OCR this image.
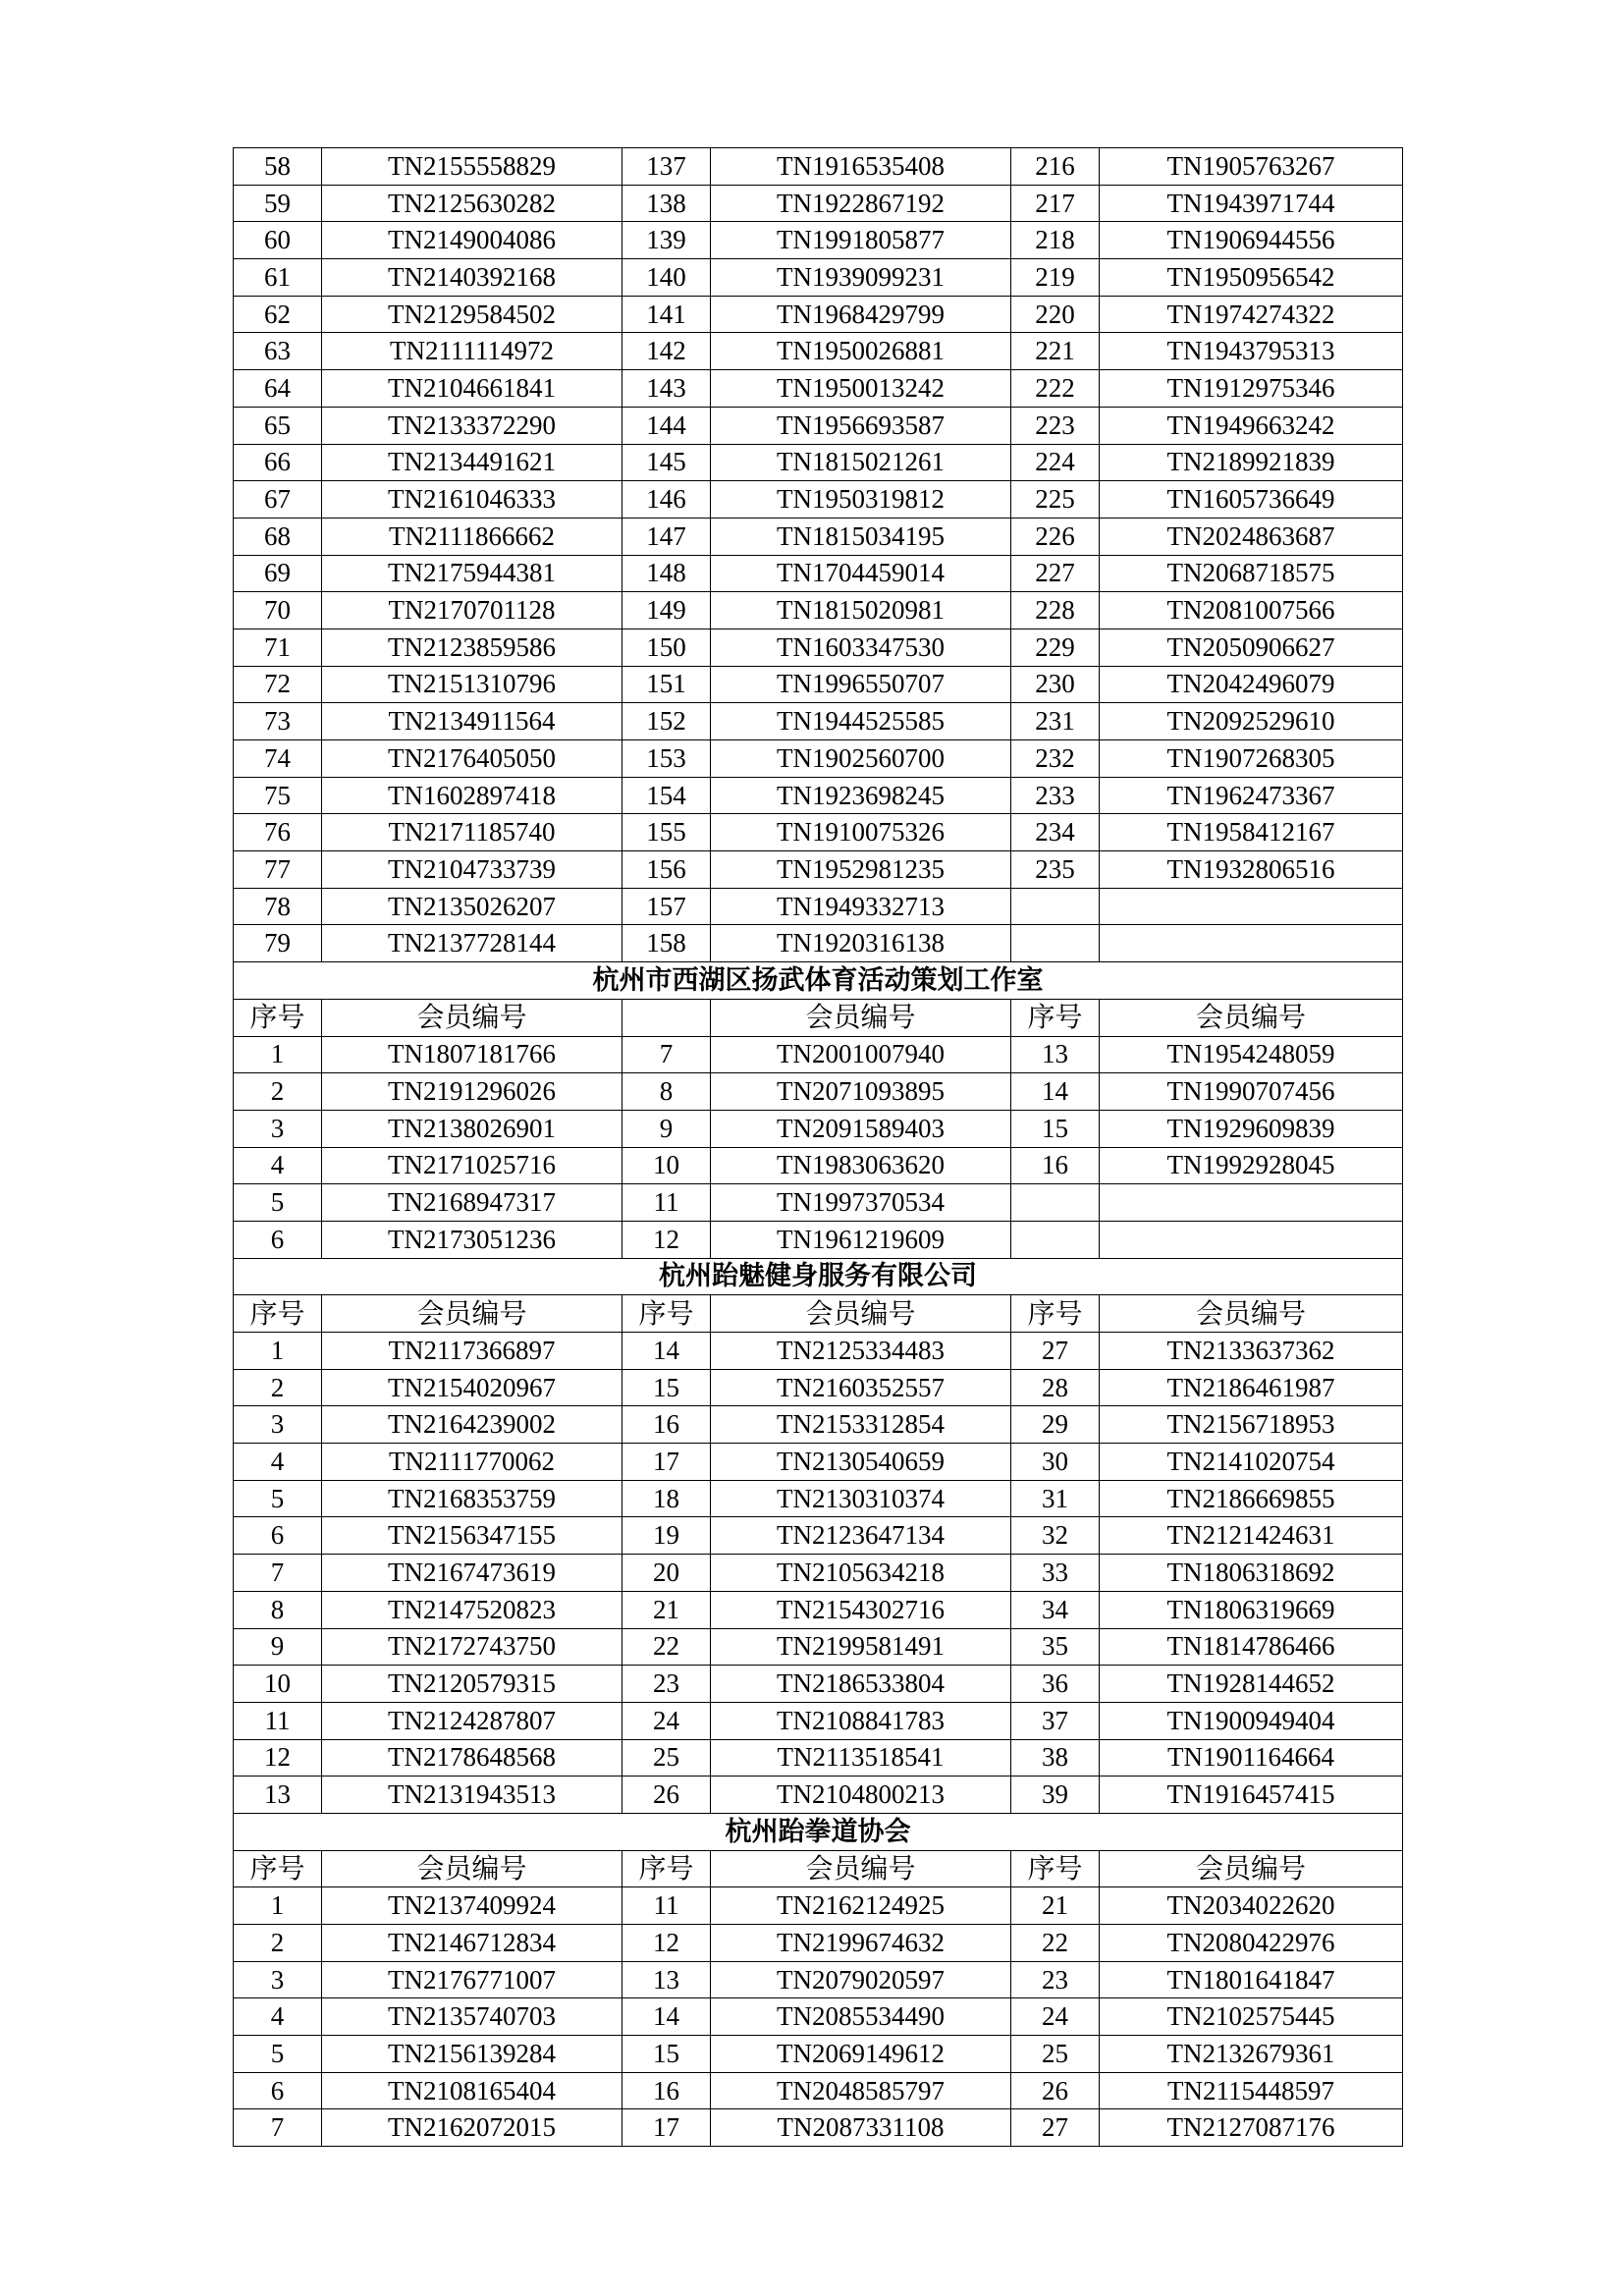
58	TN2155558829	137	TN1916535408	216	TN1905763267
59	TN2125630282	138	TN1922867192	217	TN1943971744
60	TN2149004086	139	TN1991805877	218	TN1906944556
61	TN2140392168	140	TN1939099231	219	TN1950956542
62	TN2129584502	141	TN1968429799	220	TN1974274322
63	TN2111114972	142	TN1950026881	221	TN1943795313
64	TN2104661841	143	TN1950013242	222	TN1912975346
65	TN2133372290	144	TN1956693587	223	TN1949663242
66	TN2134491621	145	TN1815021261	224	TN2189921839
67	TN2161046333	146	TN1950319812	225	TN1605736649
68	TN2111866662	147	TN1815034195	226	TN2024863687
69	TN2175944381	148	TN1704459014	227	TN2068718575
70	TN2170701128	149	TN1815020981	228	TN2081007566
71	TN2123859586	150	TN1603347530	229	TN2050906627
72	TN2151310796	151	TN1996550707	230	TN2042496079
73	TN2134911564	152	TN1944525585	231	TN2092529610
74	TN2176405050	153	TN1902560700	232	TN1907268305
75	TN1602897418	154	TN1923698245	233	TN1962473367
76	TN2171185740	155	TN1910075326	234	TN1958412167
77	TN2104733739	156	TN1952981235	235	TN1932806516
78	TN2135026207	157	TN1949332713		
79	TN2137728144	158	TN1920316138		
杭州市西湖区扬武体育活动策划工作室					
序号	会员编号		会员编号	序号	会员编号
1	TN1807181766	7	TN2001007940	13	TN1954248059
2	TN2191296026	8	TN2071093895	14	TN1990707456
3	TN2138026901	9	TN2091589403	15	TN1929609839
4	TN2171025716	10	TN1983063620	16	TN1992928045
5	TN2168947317	11	TN1997370534		
6	TN2173051236	12	TN1961219609		
杭州跆魅健身服务有限公司					
序号	会员编号	序号	会员编号	序号	会员编号
1	TN2117366897	14	TN2125334483	27	TN2133637362
2	TN2154020967	15	TN2160352557	28	TN2186461987
3	TN2164239002	16	TN2153312854	29	TN2156718953
4	TN2111770062	17	TN2130540659	30	TN2141020754
5	TN2168353759	18	TN2130310374	31	TN2186669855
6	TN2156347155	19	TN2123647134	32	TN2121424631
7	TN2167473619	20	TN2105634218	33	TN1806318692
8	TN2147520823	21	TN2154302716	34	TN1806319669
9	TN2172743750	22	TN2199581491	35	TN1814786466
10	TN2120579315	23	TN2186533804	36	TN1928144652
11	TN2124287807	24	TN2108841783	37	TN1900949404
12	TN2178648568	25	TN2113518541	38	TN1901164664
13	TN2131943513	26	TN2104800213	39	TN1916457415
杭州跆拳道协会					
序号	会员编号	序号	会员编号	序号	会员编号
1	TN2137409924	11	TN2162124925	21	TN2034022620
2	TN2146712834	12	TN2199674632	22	TN2080422976
3	TN2176771007	13	TN2079020597	23	TN1801641847
4	TN2135740703	14	TN2085534490	24	TN2102575445
5	TN2156139284	15	TN2069149612	25	TN2132679361
6	TN2108165404	16	TN2048585797	26	TN2115448597
7	TN2162072015	17	TN2087331108	27	TN2127087176
